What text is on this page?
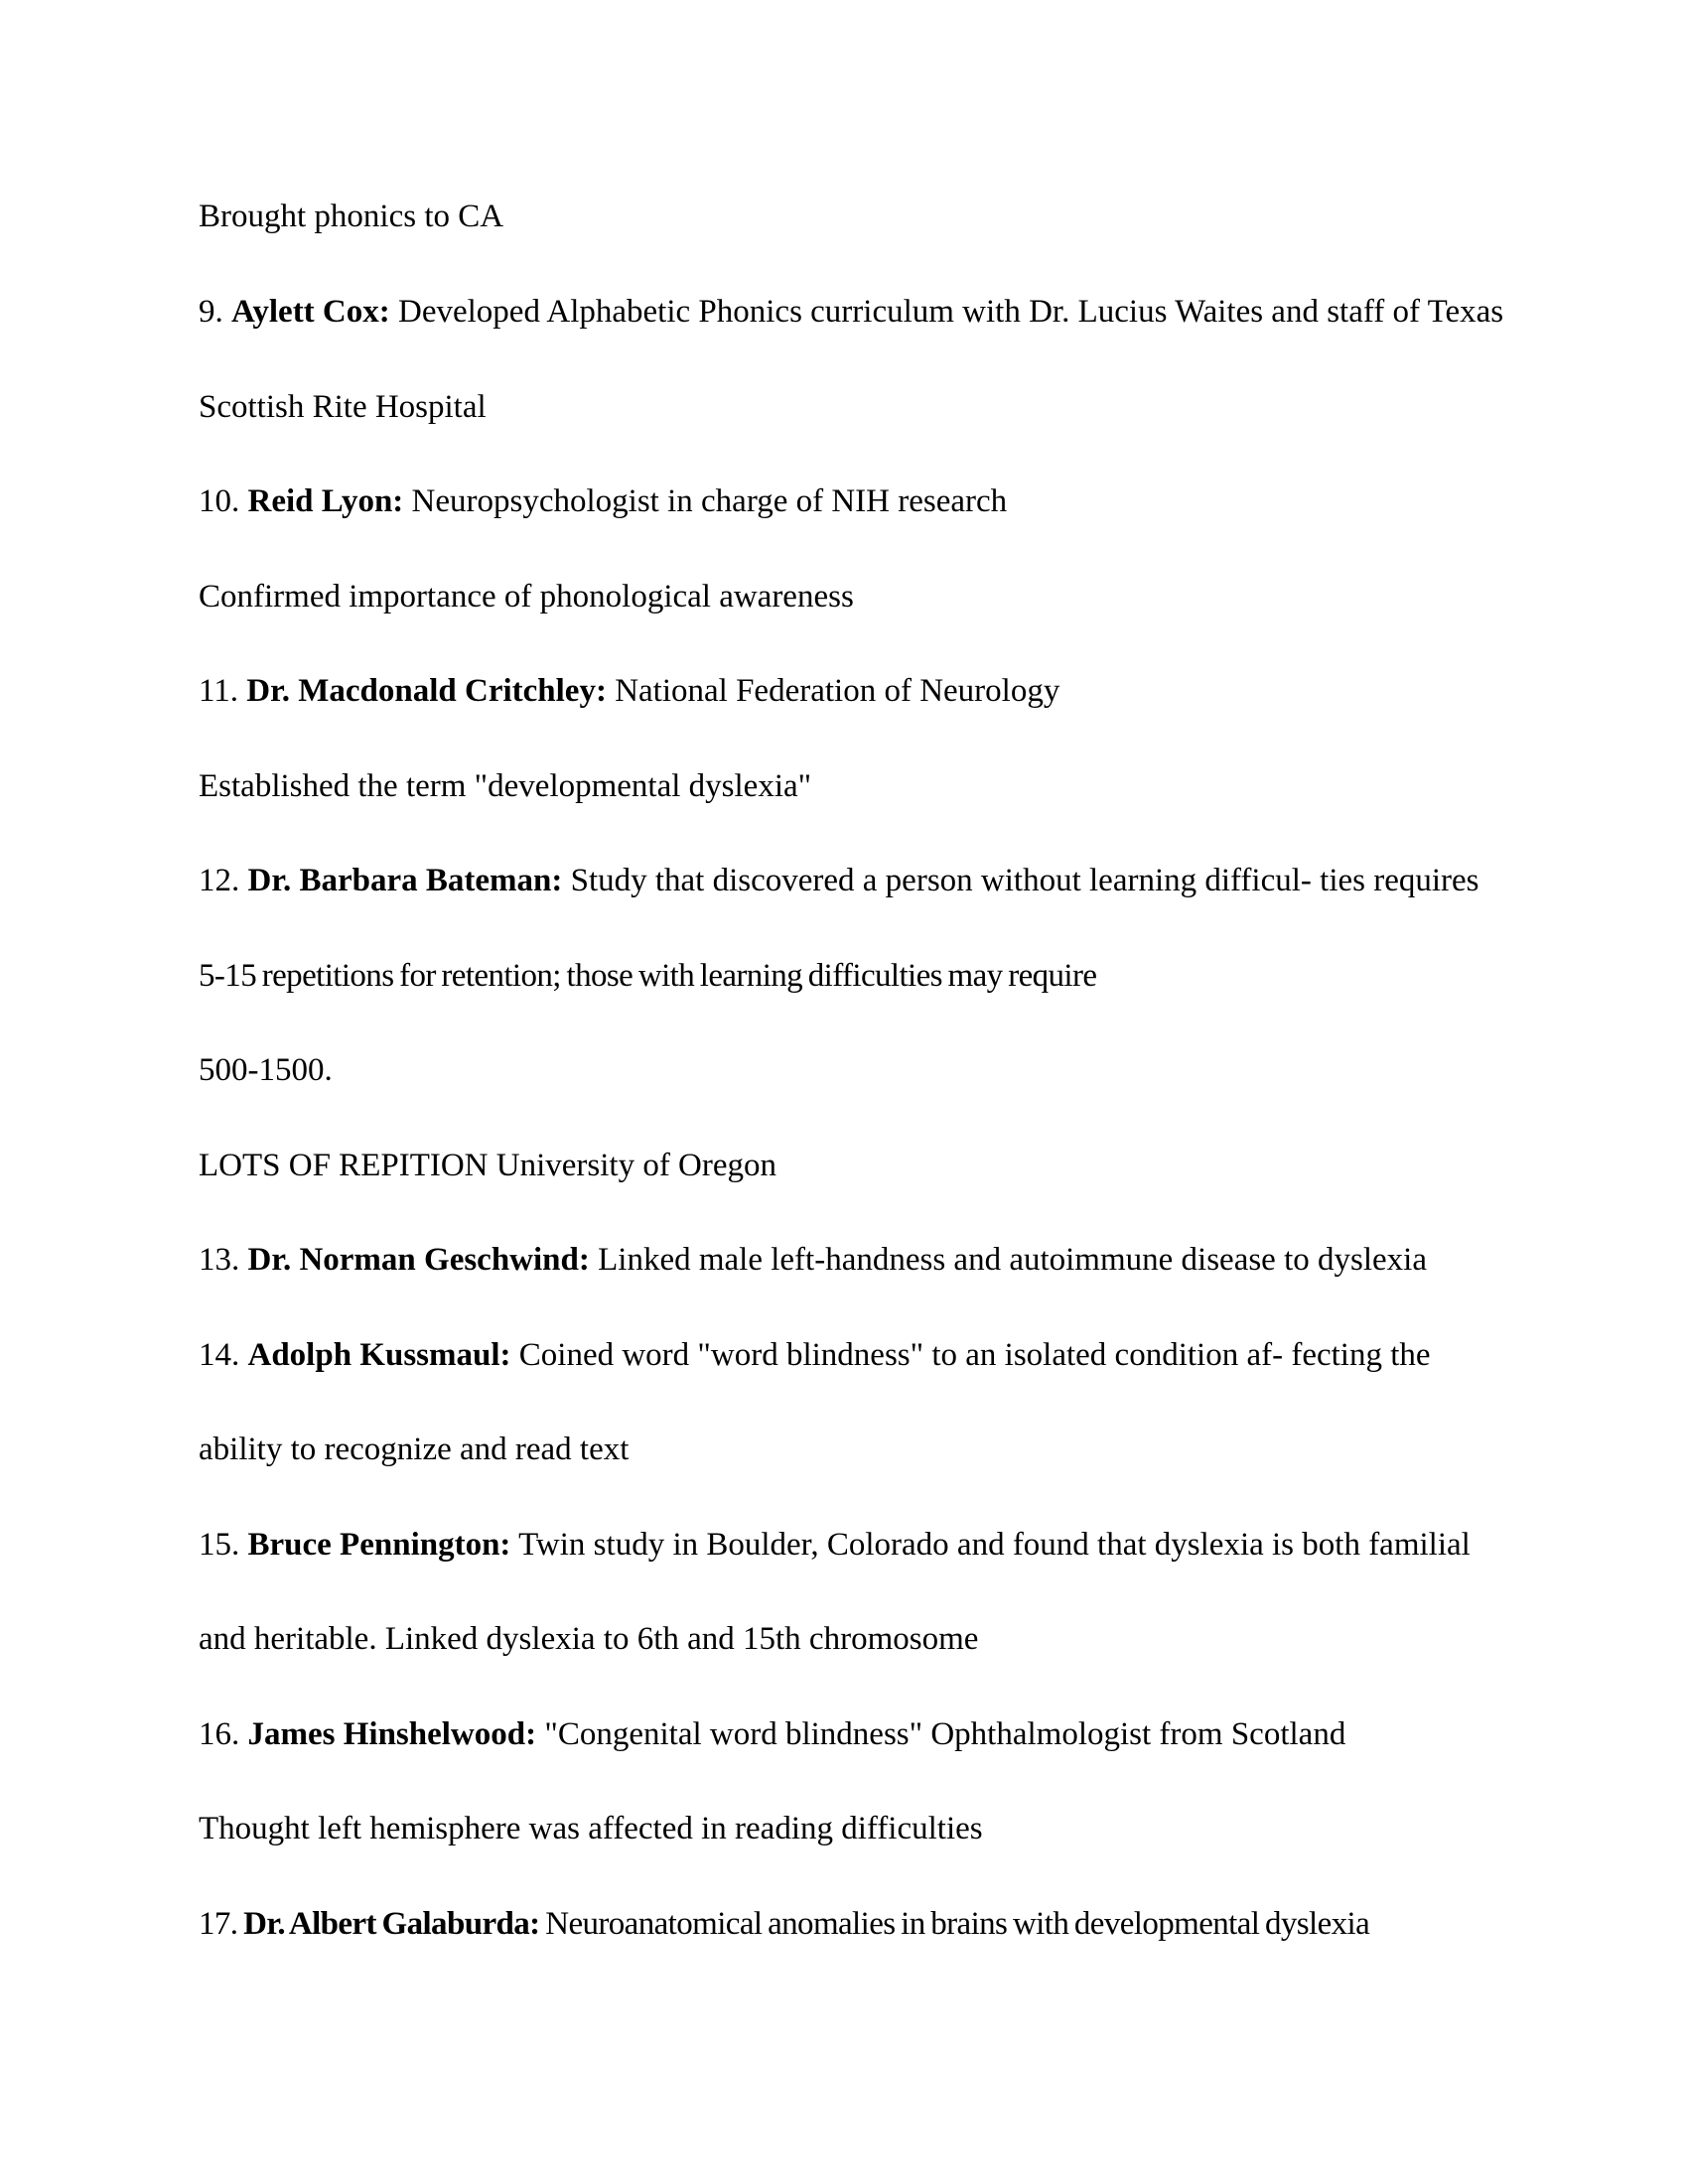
Brought phonics to CA
9. Aylett Cox: Developed Alphabetic Phonics curriculum with Dr. Lucius Waites and staff of Texas
Scottish Rite Hospital
10. Reid Lyon: Neuropsychologist in charge of NIH research
Confirmed importance of phonological awareness
11. Dr. Macdonald Critchley: National Federation of Neurology
Established the term "developmental dyslexia"
12. Dr. Barbara Bateman: Study that discovered a person without learning difficul- ties requires
5-15 repetitions for retention; those with learning difficulties may require
500-1500.
LOTS OF REPITION University of Oregon
13. Dr. Norman Geschwind: Linked male left-handness and autoimmune disease to dyslexia
14. Adolph Kussmaul: Coined word "word blindness" to an isolated condition af- fecting the
ability to recognize and read text
15. Bruce Pennington: Twin study in Boulder, Colorado and found that dyslexia is both familial
and heritable. Linked dyslexia to 6th and 15th chromosome
16. James Hinshelwood: "Congenital word blindness" Ophthalmologist from Scotland
Thought left hemisphere was affected in reading difficulties
17. Dr. Albert Galaburda: Neuroanatomical anomalies in brains with developmental dyslexia
